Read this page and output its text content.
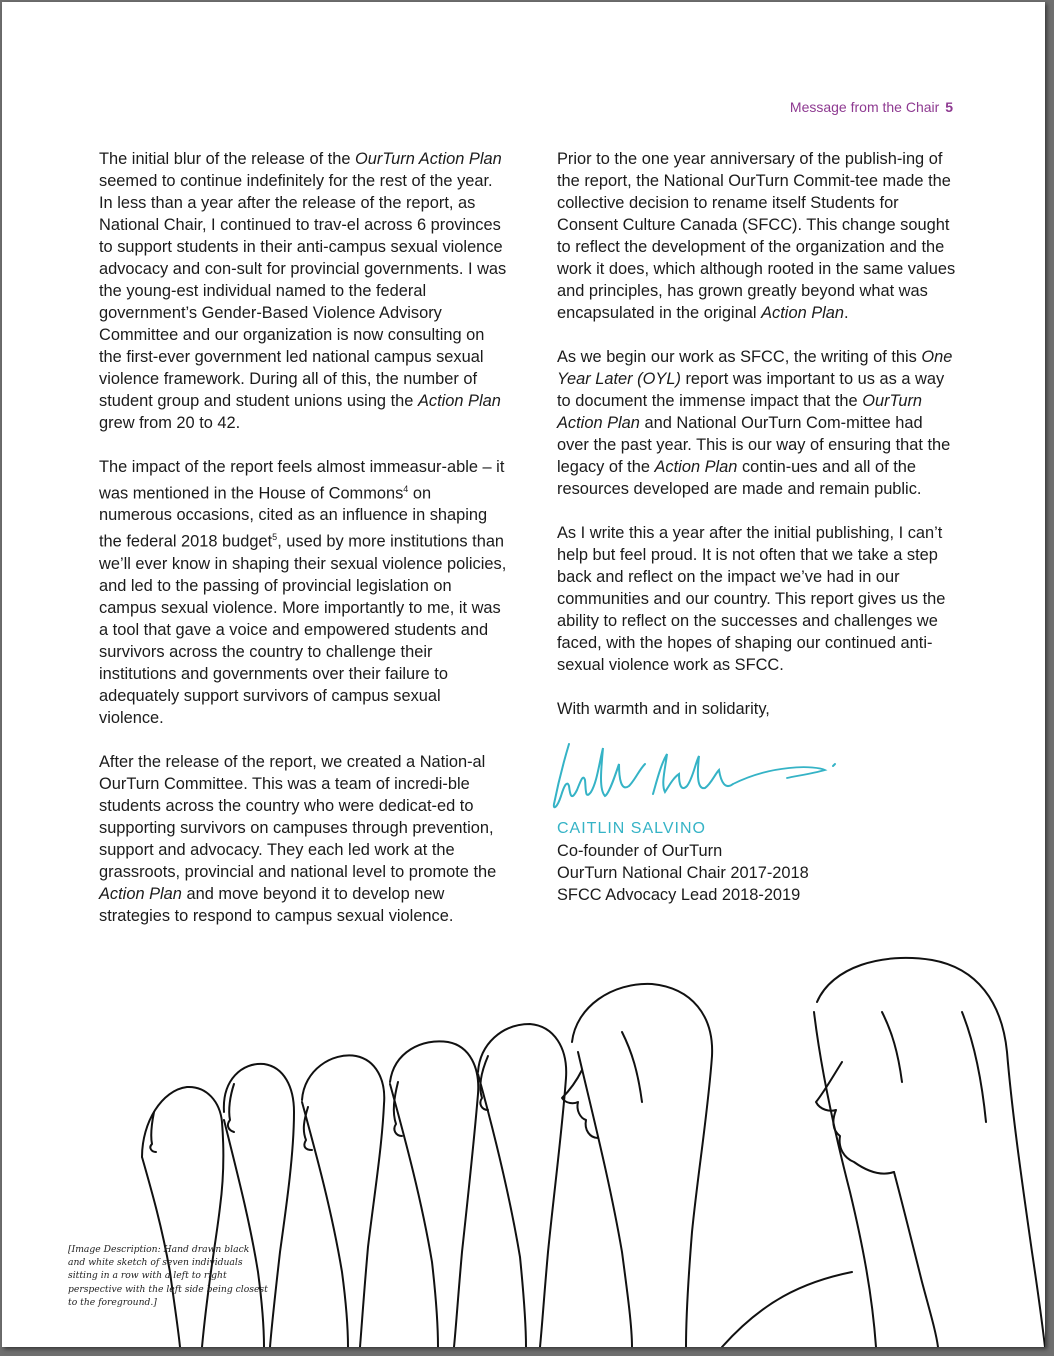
Message from the Chair 5

The initial blur of the release of the OurTurn Action Plan seemed to continue indefinitely for the rest of the year. In less than a year after the release of the report, as National Chair, I continued to trav-el across 6 provinces to support students in their anti-campus sexual violence advocacy and con-sult for provincial governments. I was the young-est individual named to the federal government’s Gender-Based Violence Advisory Committee and our organization is now consulting on the first-ever government led national campus sexual violence framework. During all of this, the number of student group and student unions using the Action Plan grew from 20 to 42.

The impact of the report feels almost immeasur-able – it was mentioned in the House of Commons$^4$ on numerous occasions, cited as an influence in shaping the federal 2018 budget$^5$, used by more institutions than we’ll ever know in shaping their sexual violence policies, and led to the passing of provincial legislation on campus sexual violence. More importantly to me, it was a tool that gave a voice and empowered students and survivors across the country to challenge their institutions and governments over their failure to adequately support survivors of campus sexual violence.

After the release of the report, we created a Nation-al OurTurn Committee. This was a team of incredi-ble students across the country who were dedicat-ed to supporting survivors on campuses through prevention, support and advocacy. They each led work at the grassroots, provincial and national level to promote the Action Plan and move beyond it to develop new strategies to respond to campus sexual violence.

Prior to the one year anniversary of the publish-ing of the report, the National OurTurn Commit-tee made the collective decision to rename itself Students for Consent Culture Canada (SFCC). This change sought to reflect the development of the organization and the work it does, which although rooted in the same values and principles, has grown greatly beyond what was encapsulated in the original Action Plan.

As we begin our work as SFCC, the writing of this One Year Later (OYL) report was important to us as a way to document the immense impact that the OurTurn Action Plan and National OurTurn Com-mittee had over the past year. This is our way of ensuring that the legacy of the Action Plan contin-ues and all of the resources developed are made and remain public.

As I write this a year after the initial publishing, I can’t help but feel proud. It is not often that we take a step back and reflect on the impact we’ve had in our communities and our country. This report gives us the ability to reflect on the successes and challenges we faced, with the hopes of shaping our continued anti-sexual violence work as SFCC.

With warmth and in solidarity,

CAITLIN SALVINO
Co-founder of OurTurn
OurTurn National Chair 2017-2018
SFCC Advocacy Lead 2018-2019
[Image Description: Hand drawn black and white sketch of seven individuals sitting in a row with a left to right perspective with the left side being closest to the foreground.]
